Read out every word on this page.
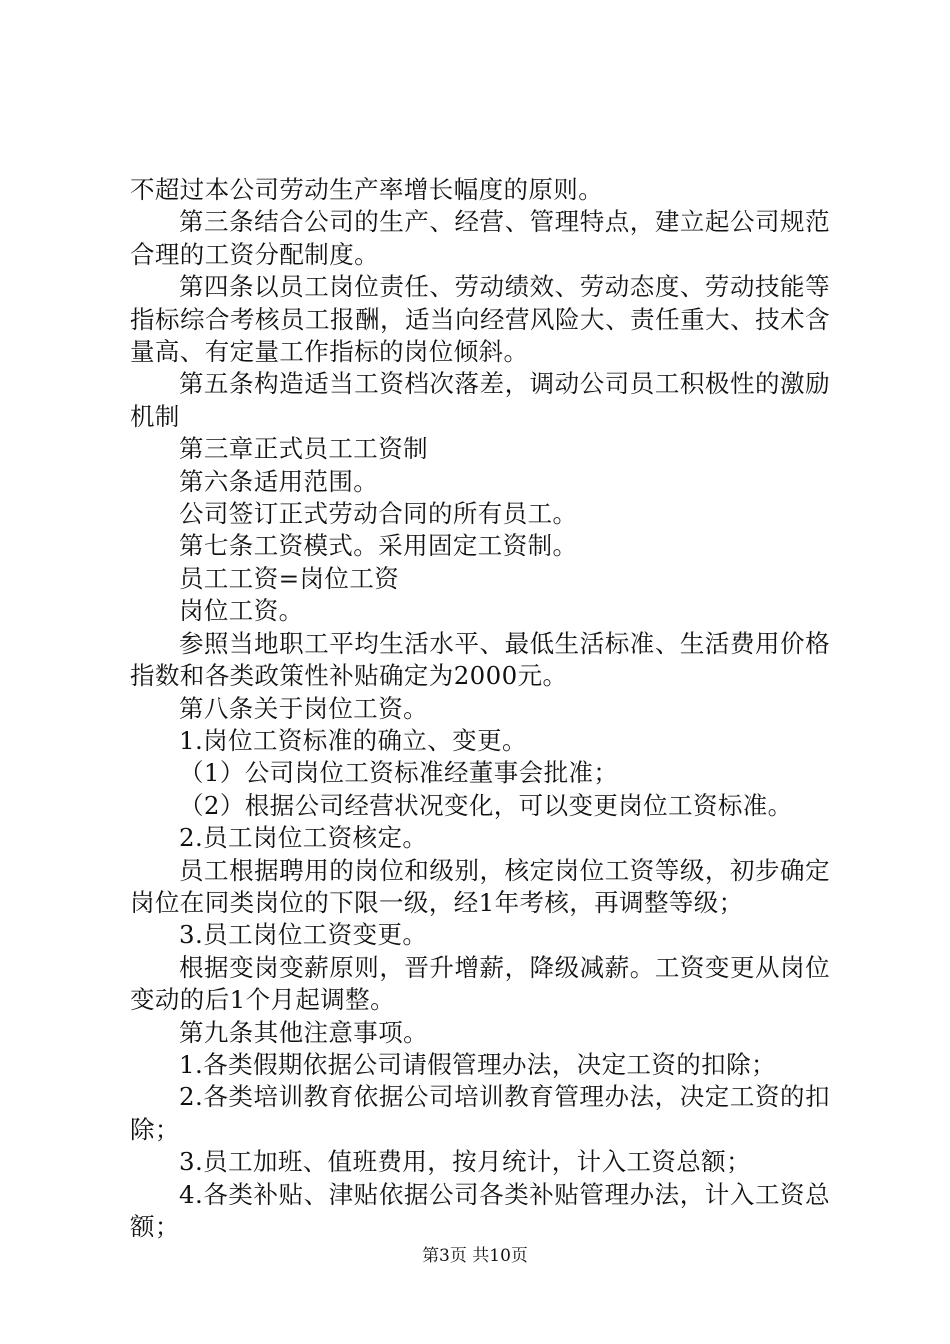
不超过本公司劳动生产率增长幅度的原则。

第三条结合公司的生产、经营、管理特点，建立起公司规范合理的工资分配制度。

第四条以员工岗位责任、劳动绩效、劳动态度、劳动技能等指标综合考核员工报酬，适当向经营风险大、责任重大、技术含量高、有定量工作指标的岗位倾斜。

第五条构造适当工资档次落差，调动公司员工积极性的激励机制

第三章正式员工工资制

第六条适用范围。

公司签订正式劳动合同的所有员工。

第七条工资模式。采用固定工资制。

员工工资=岗位工资

岗位工资。

参照当地职工平均生活水平、最低生活标准、生活费用价格指数和各类政策性补贴确定为2000元。

第八条关于岗位工资。

1.岗位工资标准的确立、变更。

（1）公司岗位工资标准经董事会批准；

（2）根据公司经营状况变化，可以变更岗位工资标准。

2.员工岗位工资核定。

员工根据聘用的岗位和级别，核定岗位工资等级，初步确定岗位在同类岗位的下限一级，经1年考核，再调整等级；

3.员工岗位工资变更。

根据变岗变薪原则，晋升增薪，降级减薪。工资变更从岗位变动的后1个月起调整。

第九条其他注意事项。

1.各类假期依据公司请假管理办法，决定工资的扣除；

2.各类培训教育依据公司培训教育管理办法，决定工资的扣除；

3.员工加班、值班费用，按月统计，计入工资总额；

4.各类补贴、津贴依据公司各类补贴管理办法，计入工资总额；

第3页 共10页
